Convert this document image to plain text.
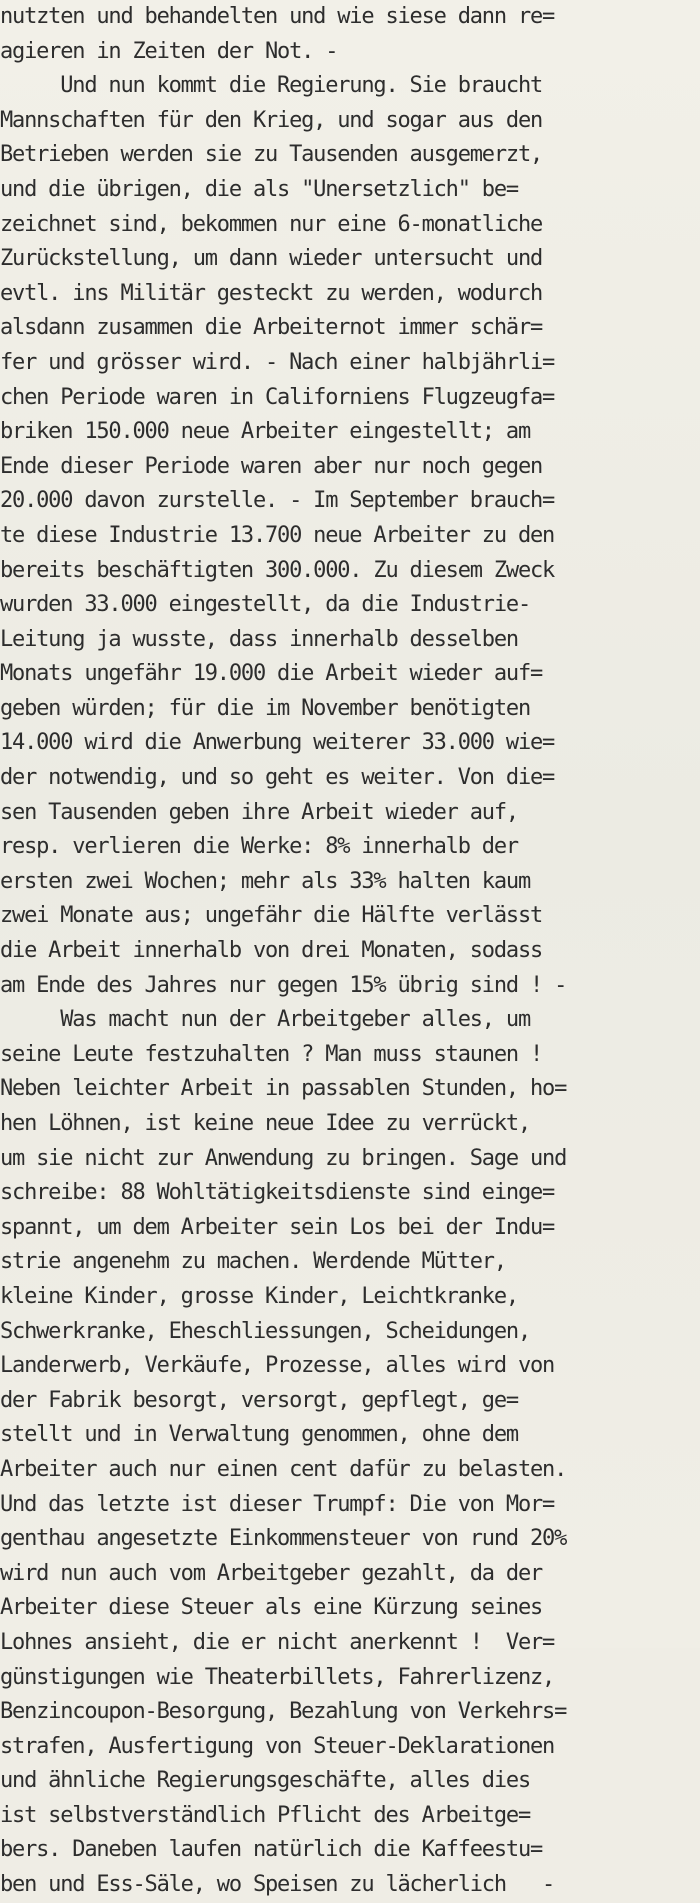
nutzten und behandelten und wie siese dann re=
agieren in Zeiten der Not. -
Und nun kommt die Regierung. Sie braucht
Mannschaften für den Krieg, und sogar aus den
Betrieben werden sie zu Tausenden ausgemerzt,
und die übrigen, die als "Unersetzlich" be=
zeichnet sind, bekommen nur eine 6-monatliche
Zurückstellung, um dann wieder untersucht und
evtl. ins Militär gesteckt zu werden, wodurch
alsdann zusammen die Arbeiternot immer schär=
fer und grösser wird. - Nach einer halbjährli=
chen Periode waren in Californiens Flugzeugfa=
briken 150.000 neue Arbeiter eingestellt; am
Ende dieser Periode waren aber nur noch gegen
20.000 davon zurstelle. - Im September brauch=
te diese Industrie 13.700 neue Arbeiter zu den
bereits beschäftigten 300.000. Zu diesem Zweck
wurden 33.000 eingestellt, da die Industrie-
Leitung ja wusste, dass innerhalb desselben
Monats ungefähr 19.000 die Arbeit wieder auf=
geben würden; für die im November benötigten
14.000 wird die Anwerbung weiterer 33.000 wie=
der notwendig, und so geht es weiter. Von die=
sen Tausenden geben ihre Arbeit wieder auf,
resp. verlieren die Werke: 8% innerhalb der
ersten zwei Wochen; mehr als 33% halten kaum
zwei Monate aus; ungefähr die Hälfte verlässt
die Arbeit innerhalb von drei Monaten, sodass
am Ende des Jahres nur gegen 15% übrig sind ! -
Was macht nun der Arbeitgeber alles, um
seine Leute festzuhalten ? Man muss staunen !
Neben leichter Arbeit in passablen Stunden, ho=
hen Löhnen, ist keine neue Idee zu verrückt,
um sie nicht zur Anwendung zu bringen. Sage und
schreibe: 88 Wohltätigkeitsdienste sind einge=
spannt, um dem Arbeiter sein Los bei der Indu=
strie angenehm zu machen. Werdende Mütter,
kleine Kinder, grosse Kinder, Leichtkranke,
Schwerkranke, Eheschliessungen, Scheidungen,
Landerwerb, Verkäufe, Prozesse, alles wird von
der Fabrik besorgt, versorgt, gepflegt, ge=
stellt und in Verwaltung genommen, ohne dem
Arbeiter auch nur einen cent dafür zu belasten.
Und das letzte ist dieser Trumpf: Die von Mor=
genthau angesetzte Einkommensteuer von rund 20%
wird nun auch vom Arbeitgeber gezahlt, da der
Arbeiter diese Steuer als eine Kürzung seines
Lohnes ansieht, die er nicht anerkennt !  Ver=
günstigungen wie Theaterbillets, Fahrerlizenz,
Benzincoupon-Besorgung, Bezahlung von Verkehrs=
strafen, Ausfertigung von Steuer-Deklarationen
und ähnliche Regierungsgeschäfte, alles dies
ist selbstverständlich Pflicht des Arbeitge=
bers. Daneben laufen natürlich die Kaffeestu=
ben und Ess-Säle, wo Speisen zu lächerlich   -
